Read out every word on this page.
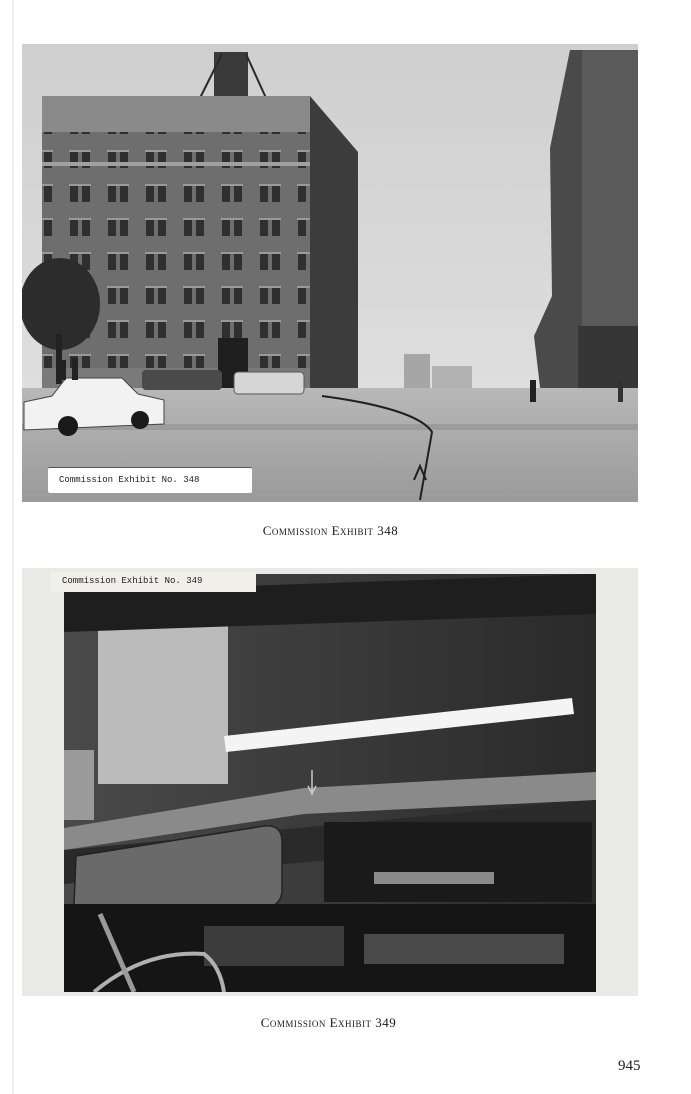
Commission Exhibit No. 348
Commission Exhibit 348
Commission Exhibit No. 349
Commission Exhibit 349
945
